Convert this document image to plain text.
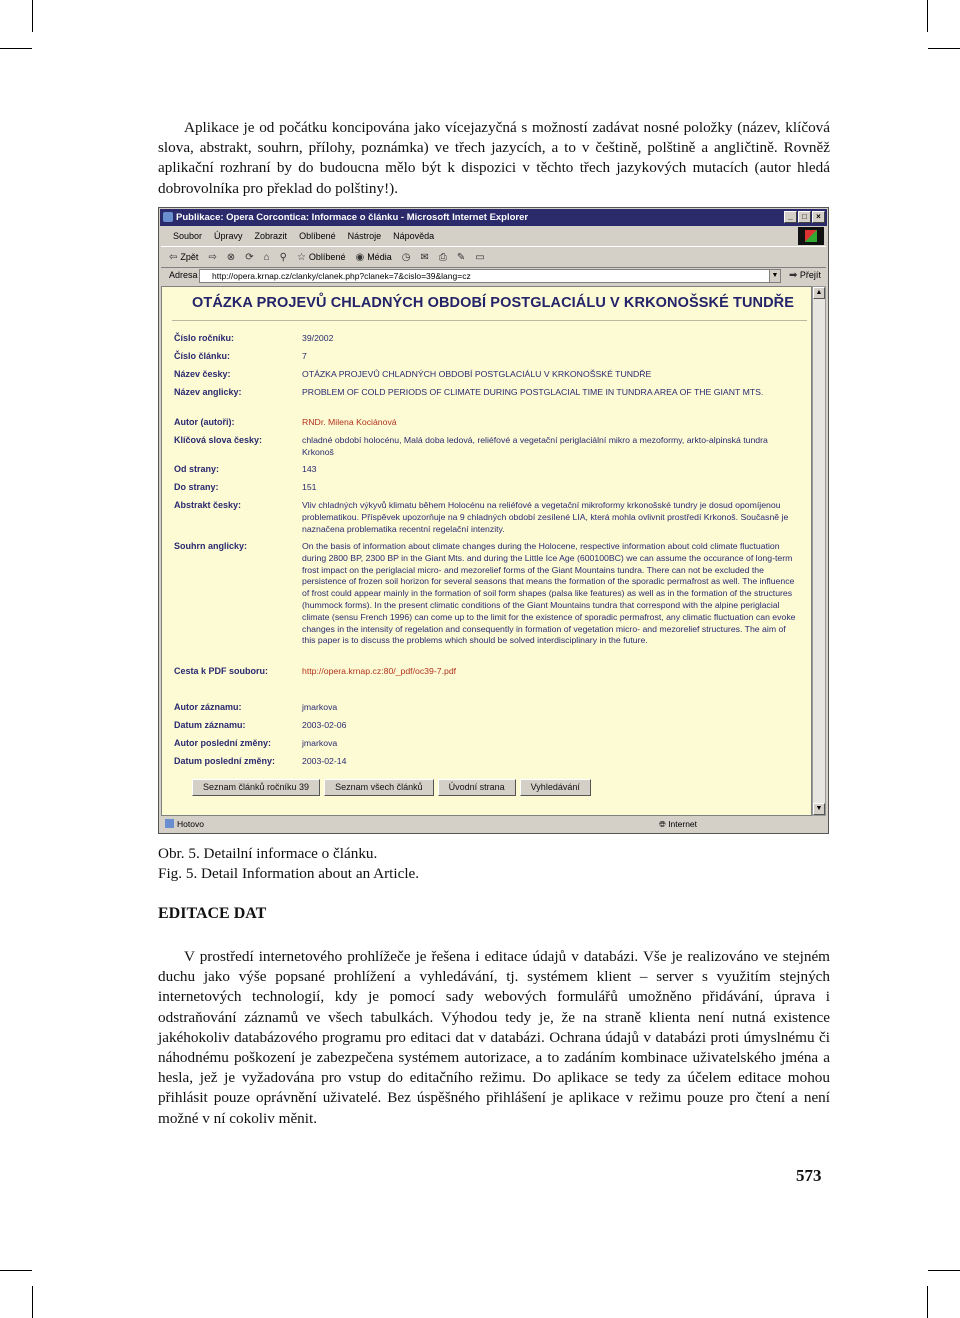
Aplikace je od počátku koncipována jako vícejazyčná s možností zadávat nosné položky (název, klíčová slova, abstrakt, souhrn, přílohy, poznámka) ve třech jazycích, a to v češtině, polštině a angličtině. Rovněž aplikační rozhraní by do budoucna mělo být k dispozici v těchto třech jazykových mutacích (autor hledá dobrovolníka pro překlad do polštiny!).

Publikace: Opera Corcontica: Informace o článku - Microsoft Internet Explorer	_	□	×
Soubor Úpravy Zobrazit Oblíbené Nástroje Nápověda
⇦ Zpět ⇨ ⊗ ⟳ ⌂ ⚲ ☆ Oblíbené ◉ Média ◷ ✉ ⎙ ✎ ▭
Adresa	http://opera.krnap.cz/clanky/clanek.php?clanek=7&cislo=39&lang=cz	▼ ➡ Přejít
OTÁZKA PROJEVŮ CHLADNÝCH OBDOBÍ POSTGLACIÁLU V KRKONOŠSKÉ TUNDŘE
Číslo ročníku:	39/2002
Číslo článku:	7
Název česky:	OTÁZKA PROJEVŮ CHLADNÝCH OBDOBÍ POSTGLACIÁLU V KRKONOŠSKÉ TUNDŘE
Název anglicky:	PROBLEM OF COLD PERIODS OF CLIMATE DURING POSTGLACIAL TIME IN TUNDRA AREA OF THE GIANT MTS.
Autor (autoři):	RNDr. Milena Kociánová
Klíčová slova česky:	chladné období holocénu, Malá doba ledová, reliéfové a vegetační periglaciální mikro a mezoformy, arkto-alpinská tundra Krkonoš
Od strany:	143
Do strany:	151
Abstrakt česky:	Vliv chladných výkyvů klimatu během Holocénu na reliéfové a vegetační mikroformy krkonošské tundry je dosud opomíjenou problematikou. Příspěvek upozorňuje na 9 chladných období zesílené LIA, která mohla ovlivnit prostředí Krkonoš. Současně je naznačena problematika recentní regelační intenzity.
Souhrn anglicky:	On the basis of information about climate changes during the Holocene, respective information about cold climate fluctuation during 2800 BP, 2300 BP in the Giant Mts. and during the Little Ice Age (600100BC) we can assume the occurance of long-term frost impact on the periglacial micro- and mezorelief forms of the Giant Mountains tundra. There can not be excluded the persistence of frozen soil horizon for several seasons that means the formation of the sporadic permafrost as well. The influence of frost could appear mainly in the formation of soil form shapes (palsa like features) as well as in the formation of the structures (hummock forms). In the present climatic conditions of the Giant Mountains tundra that correspond with the alpine periglacial climate (sensu French 1996) can come up to the limit for the existence of sporadic permafrost, any climatic fluctuation can evoke changes in the intensity of regelation and consequently in formation of vegetation micro- and mezorelief structures. The aim of this paper is to discuss the problems which should be solved interdisciplinary in the future.
Cesta k PDF souboru:	http://opera.krnap.cz:80/_pdf/oc39-7.pdf
Autor záznamu:	jmarkova
Datum záznamu:	2003-02-06
Autor poslední změny:	jmarkova
Datum poslední změny:	2003-02-14
Seznam článků ročníku 39	Seznam všech článků	Úvodní strana	Vyhledávání
▲
▼
Hotovo	🌐︎ Internet

Obr. 5. Detailní informace o článku.

Fig. 5. Detail Information about an Article.

EDITACE DAT

V prostředí internetového prohlížeče je řešena i editace údajů v databázi. Vše je realizováno ve stejném duchu jako výše popsané prohlížení a vyhledávání, tj. systémem klient – server s využitím stejných internetových technologií, kdy je pomocí sady webových formulářů umožněno přidávání, úprava i odstraňování záznamů ve všech tabulkách. Výhodou tedy je, že na straně klienta není nutná existence jakéhokoliv databázového programu pro editaci dat v databázi. Ochrana údajů v databázi proti úmyslnému či náhodnému poškození je zabezpečena systémem autorizace, a to zadáním kombinace uživatelského jména a hesla, jež je vyžadována pro vstup do editačního režimu. Do aplikace se tedy za účelem editace mohou přihlásit pouze oprávnění uživatelé. Bez úspěšného přihlášení je aplikace v režimu pouze pro čtení a není možné v ní cokoliv měnit.

573
